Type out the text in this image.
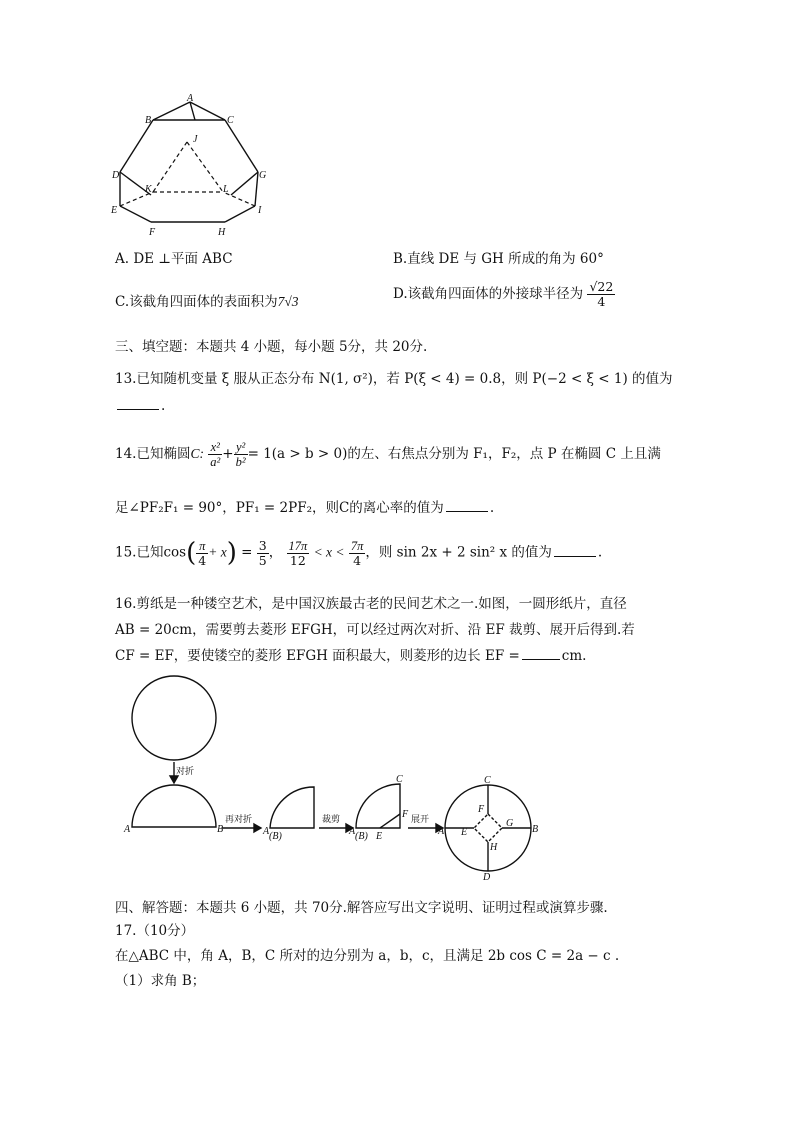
A
B	C
J
D	G
K	L
E	I
F	H
A. DE ⊥平面 ABC	B.直线 DE 与 GH 所成的角为 60°
C.该截角四面体的表面积为7√3	D.该截角四面体的外接球半径为 $\frac{√22}{4}$
三、填空题：本题共 4 小题，每小题 5分，共 20分.
13.已知随机变量 ξ 服从正态分布 N(1, σ²)，若 P(ξ < 4) = 0.8，则 P(−2 < ξ < 1) 的值为
.
14.已知椭圆C: $\frac{\text{x²}}{\text{a²}} + \frac{\text{y²}}{\text{b²}} = 1(a > b > 0)$的左、右焦点分别为 F₁，F₂，点 P 在椭圆 C 上且满
足∠PF₂F₁ = 90°，PF₁ = 2PF₂，则C的离心率的值为	.
15.已知$\cos( \frac{\pi}{4} + x) = \frac{3}{5}$ ， $\frac{17\pi}{12} < x < \frac{7\pi}{4}$ ，则 sin 2x + 2 sin² x 的值为	.
16.剪纸是一种镂空艺术，是中国汉族最古老的民间艺术之一.如图，一圆形纸片，直径
AB = 20cm，需要剪去菱形 EFGH，可以经过两次对折、沿 EF 裁剪、展开后得到.若
CF = EF，要使镂空的菱形 EFGH 面积最大，则菱形的边长 EF =	cm.
对折
A	B
再对折
A (B)
裁剪
A (B) E
F
C
展开
A
C
F
E
G
B
H
D
四、解答题：本题共 6 小题，共 70分.解答应写出文字说明、证明过程或演算步骤.
17.（10分）
在△ABC 中，角 A，B，C 所对的边分别为 a，b，c，且满足 2b cos C = 2a − c .
（1）求角 B；
